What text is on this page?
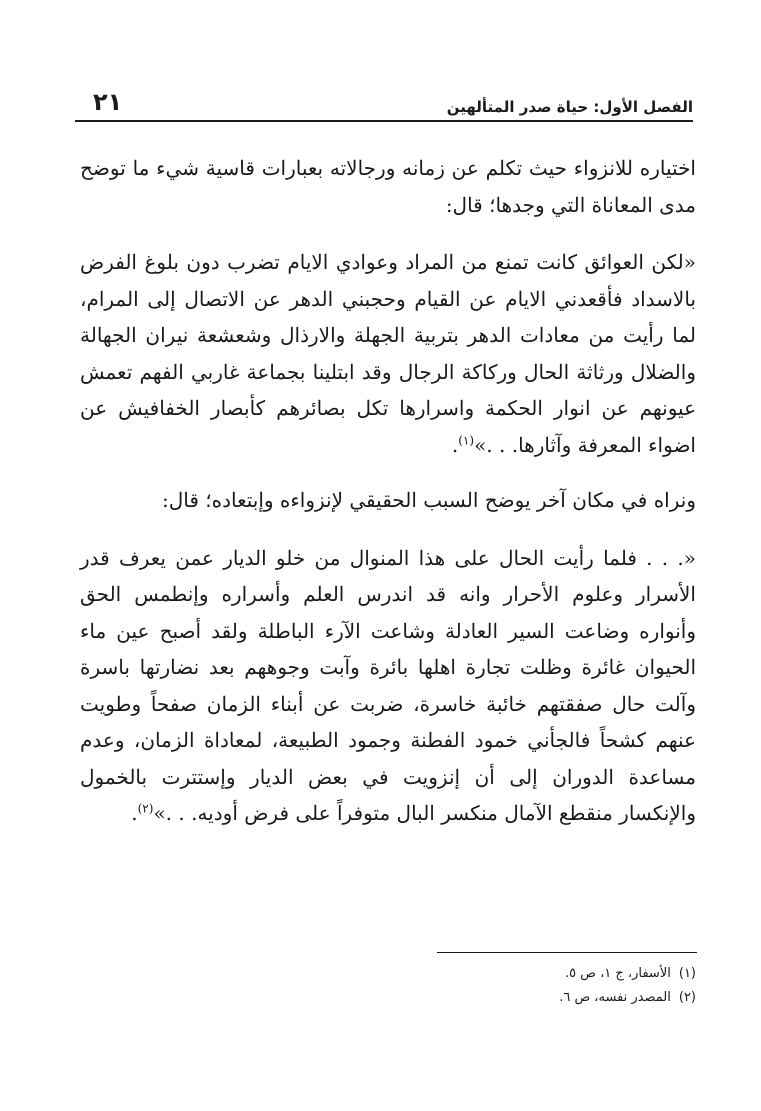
الفصل الأول: حياة صدر المتألهين
٢١

اختياره للانزواء حيث تكلم عن زمانه ورجالاته بعبارات قاسية شيء ما توضح مدى المعاناة التي وجدها؛ قال:

«لكن العوائق كانت تمنع من المراد وعوادي الايام تضرب دون بلوغ الفرض بالاسداد فأقعدني الايام عن القيام وحجبني الدهر عن الاتصال إلى المرام، لما رأيت من معادات الدهر بتربية الجهلة والارذال وشعشعة نيران الجهالة والضلال ورثاثة الحال وركاكة الرجال وقد ابتلينا بجماعة غاربي الفهم تعمش عيونهم عن انوار الحكمة واسرارها تكل بصائرهم كأبصار الخفافيش عن اضواء المعرفة وآثارها. . .»$^{(١)}$.

ونراه في مكان آخر يوضح السبب الحقيقي لإنزواءه وإبتعاده؛ قال:

«. . . فلما رأيت الحال على هذا المنوال من خلو الديار عمن يعرف قدر الأسرار وعلوم الأحرار وانه قد اندرس العلم وأسراره وإنطمس الحق وأنواره وضاعت السير العادلة وشاعت الآرء الباطلة ولقد أصبح عين ماء الحيوان غائرة وظلت تجارة اهلها بائرة وآبت وجوههم بعد نضارتها باسرة وآلت حال صفقتهم خائبة خاسرة، ضربت عن أبناء الزمان صفحاً وطويت عنهم كشحاً فالجأني خمود الفطنة وجمود الطبيعة، لمعاداة الزمان، وعدم مساعدة الدوران إلى أن إنزويت في بعض الديار وإستترت بالخمول والإنكسار منقطع الآمال منكسر البال متوفراً على فرض أوديه. . .»$^{(٢)}$.

(١)الأسفار، ج ١، ص ٥.
(٢)المصدر نفسه، ص ٦.
